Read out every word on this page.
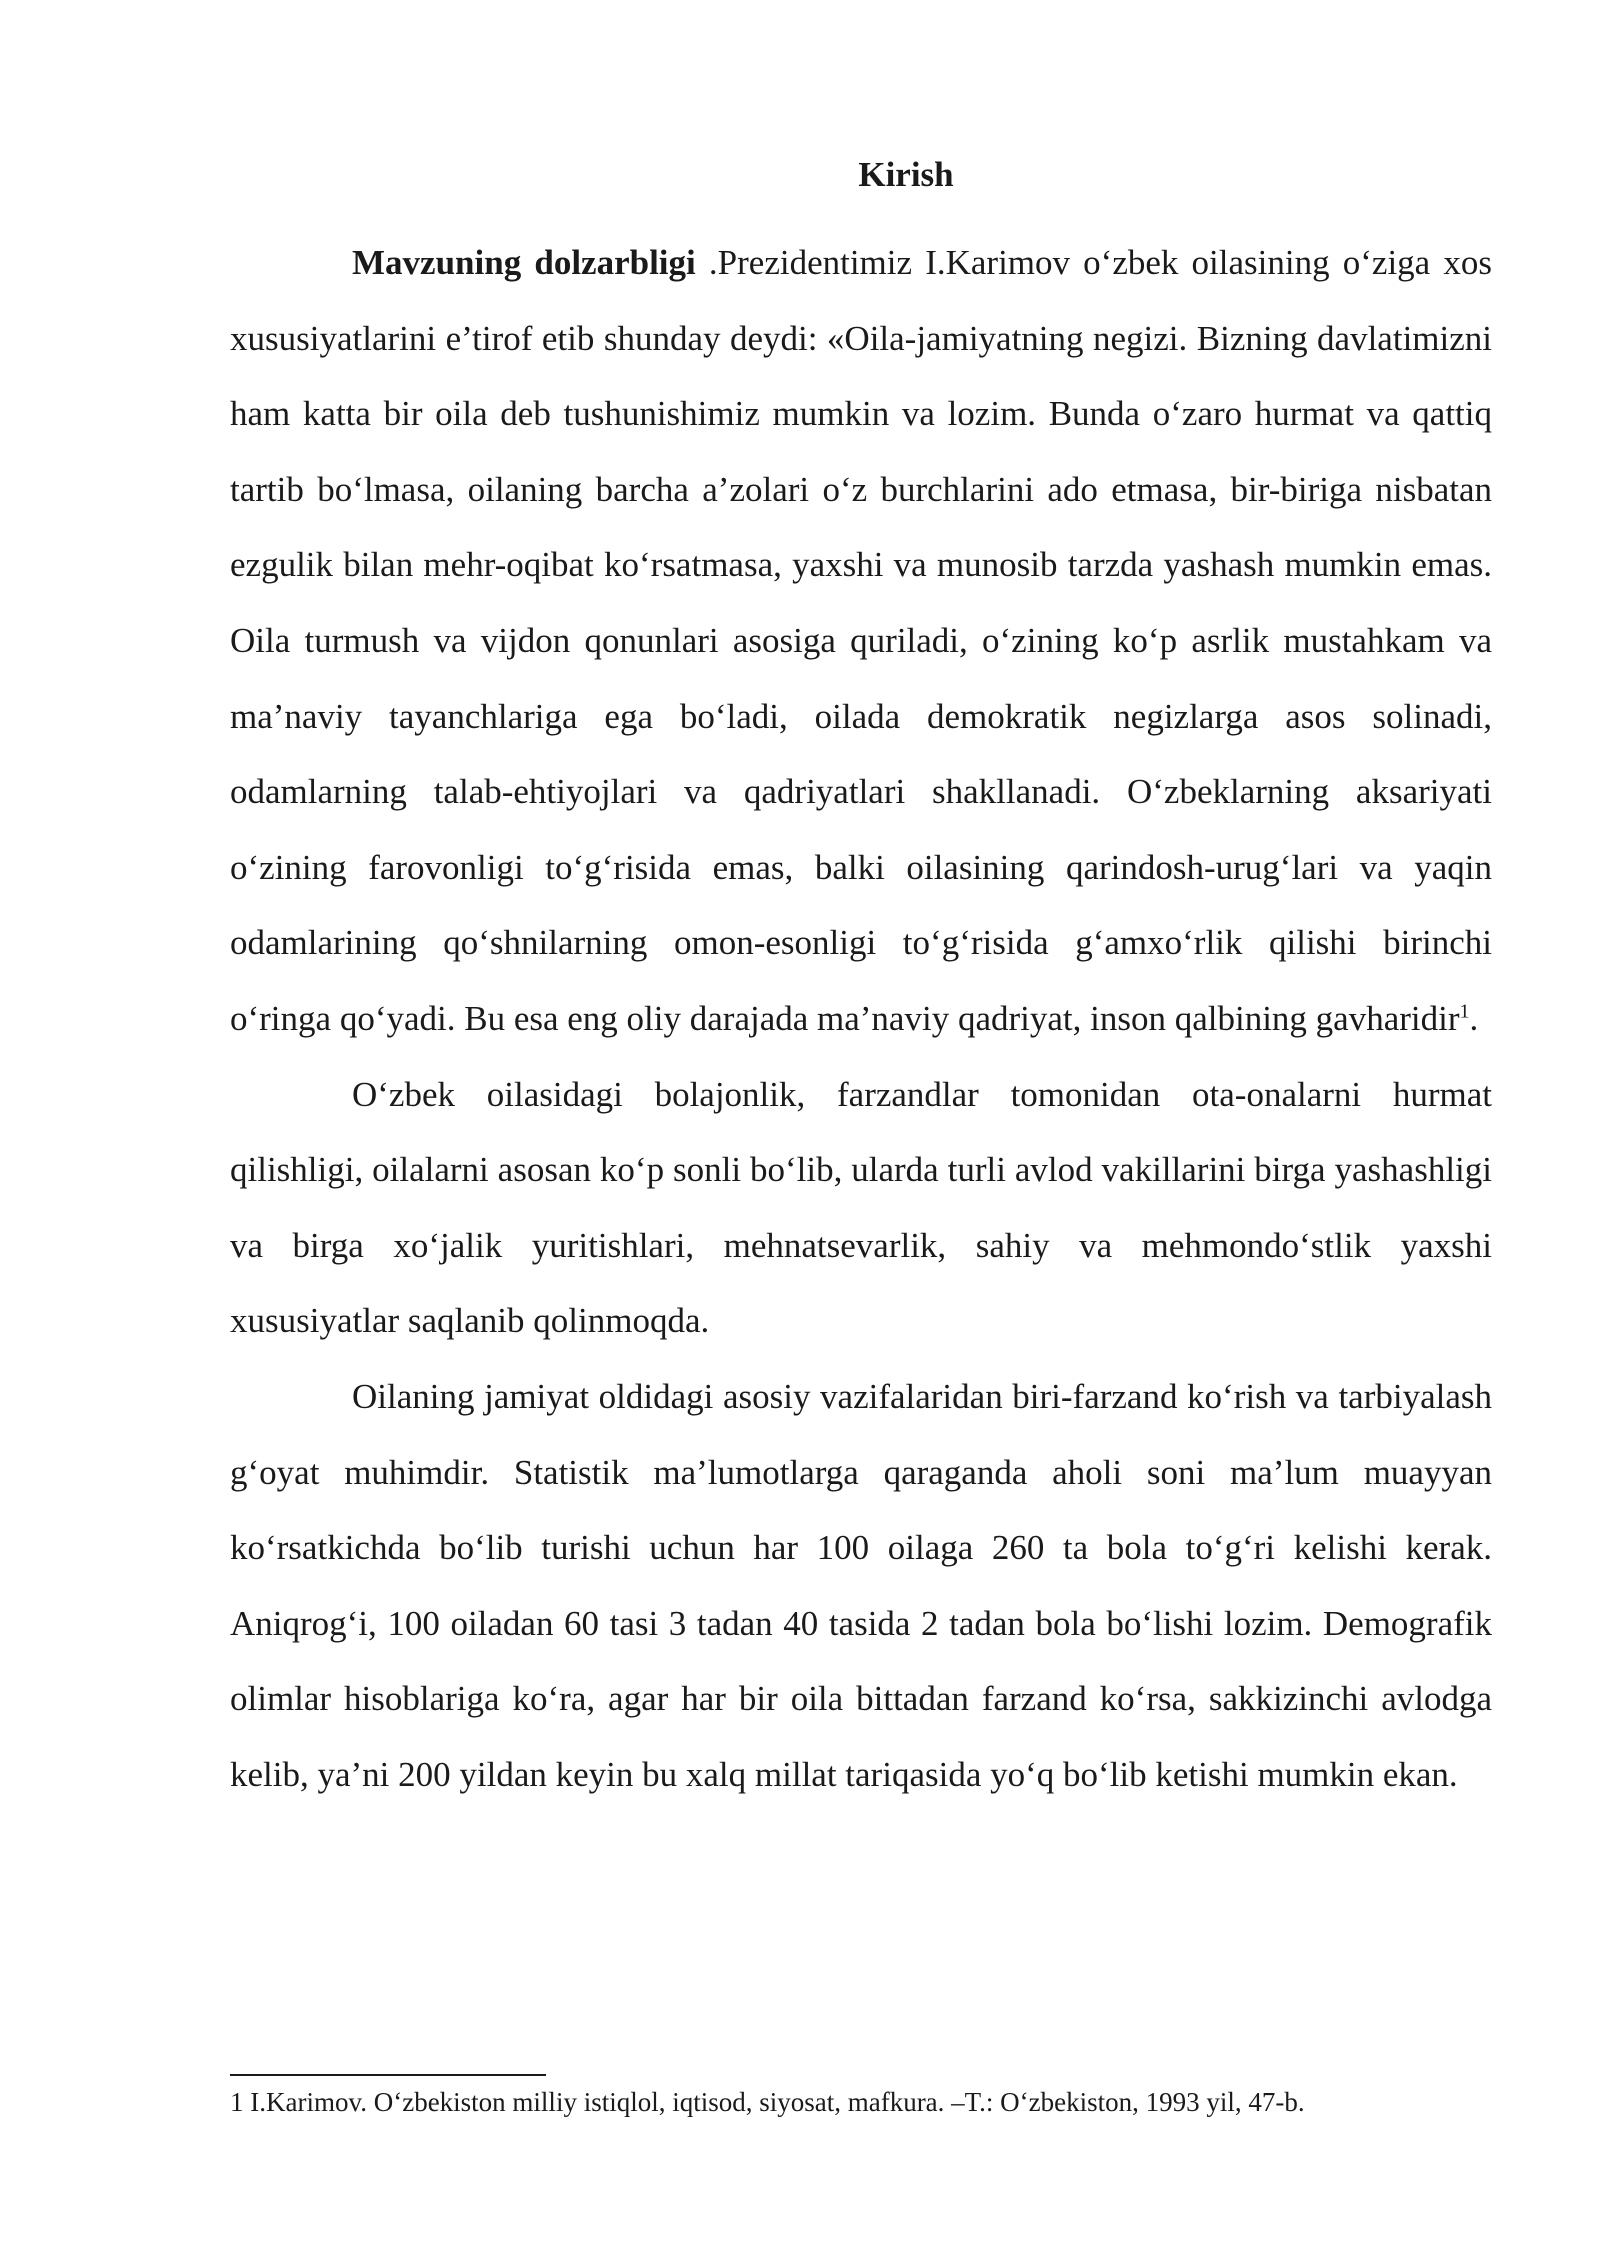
Kirish

Mavzuning dolzarbligi .Prezidentimiz I.Karimov o‘zbek oilasining o‘ziga xos xususiyatlarini e’tirof etib shunday deydi: «Oila-jamiyatning negizi. Bizning davlatimizni ham katta bir oila deb tushunishimiz mumkin va lozim. Bunda o‘zaro hurmat va qattiq tartib bo‘lmasa, oilaning barcha a’zolari o‘z burchlarini ado etmasa, bir-biriga nisbatan ezgulik bilan mehr-oqibat ko‘rsatmasa, yaxshi va munosib tarzda yashash mumkin emas. Oila turmush va vijdon qonunlari asosiga quriladi, o‘zining ko‘p asrlik mustahkam va ma’naviy tayanchlariga ega bo‘ladi, oilada demokratik negizlarga asos solinadi, odamlarning talab-ehtiyojlari va qadriyatlari shakllanadi. O‘zbeklarning aksariyati o‘zining farovonligi to‘g‘risida emas, balki oilasining qarindosh-urug‘lari va yaqin odamlarining qo‘shnilarning omon-esonligi to‘g‘risida g‘amxo‘rlik qilishi birinchi o‘ringa qo‘yadi. Bu esa eng oliy darajada ma’naviy qadriyat, inson qalbining gavharidir$^1$.

O‘zbek oilasidagi bolajonlik, farzandlar tomonidan ota-onalarni hurmat qilishligi, oilalarni asosan ko‘p sonli bo‘lib, ularda turli avlod vakillarini birga yashashligi va birga xo‘jalik yuritishlari, mehnatsevarlik, sahiy va mehmondo‘stlik yaxshi xususiyatlar saqlanib qolinmoqda.

Oilaning jamiyat oldidagi asosiy vazifalaridan biri-farzand ko‘rish va tarbiyalash g‘oyat muhimdir. Statistik ma’lumotlarga qaraganda aholi soni ma’lum muayyan ko‘rsatkichda bo‘lib turishi uchun har 100 oilaga 260 ta bola to‘g‘ri kelishi kerak. Aniqrog‘i, 100 oiladan 60 tasi 3 tadan 40 tasida 2 tadan bola bo‘lishi lozim. Demografik olimlar hisoblariga ko‘ra, agar har bir oila bittadan farzand ko‘rsa, sakkizinchi avlodga kelib, ya’ni 200 yildan keyin bu xalq millat tariqasida yo‘q bo‘lib ketishi mumkin ekan.

1 I.Karimov. O‘zbekiston milliy istiqlol, iqtisod, siyosat, mafkura. –T.: O‘zbekiston, 1993 yil, 47-b.
